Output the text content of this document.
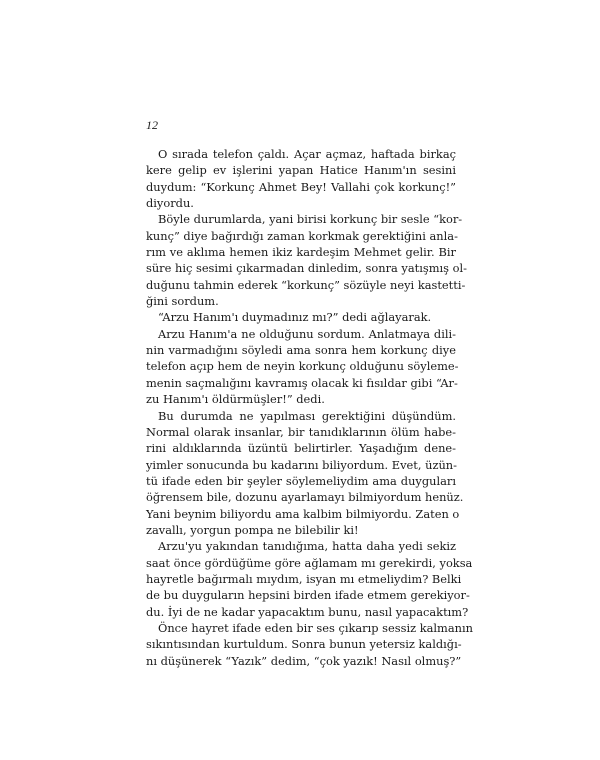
12
O sırada telefon çaldı. Açar açmaz, haftada birkaç
kere gelip ev işlerini yapan Hatice Hanım'ın sesini
duydum: “Korkunç Ahmet Bey! Vallahi çok korkunç!”
diyordu.
Böyle durumlarda, yani birisi korkunç bir sesle “kor-
kunç” diye bağırdığı zaman korkmak gerektiğini anla-
rım ve aklıma hemen ikiz kardeşim Mehmet gelir. Bir
süre hiç sesimi çıkarmadan dinledim, sonra yatışmış ol-
duğunu tahmin ederek “korkunç” sözüyle neyi kastetti-
ğini sordum.
“Arzu Hanım'ı duymadınız mı?” dedi ağlayarak.
Arzu Hanım'a ne olduğunu sordum. Anlatmaya dili-
nin varmadığını söyledi ama sonra hem korkunç diye
telefon açıp hem de neyin korkunç olduğunu söyleme-
menin saçmalığını kavramış olacak ki fısıldar gibi “Ar-
zu Hanım'ı öldürmüşler!” dedi.
Bu durumda ne yapılması gerektiğini düşündüm.
Normal olarak insanlar, bir tanıdıklarının ölüm habe-
rini aldıklarında üzüntü belirtirler. Yaşadığım dene-
yimler sonucunda bu kadarını biliyordum. Evet, üzün-
tü ifade eden bir şeyler söylemeliydim ama duyguları
öğrensem bile, dozunu ayarlamayı bilmiyordum henüz.
Yani beynim biliyordu ama kalbim bilmiyordu. Zaten o
zavallı, yorgun pompa ne bilebilir ki!
Arzu'yu yakından tanıdığıma, hatta daha yedi sekiz
saat önce gördüğüme göre ağlamam mı gerekirdi, yoksa
hayretle bağırmalı mıydım, isyan mı etmeliydim? Belki
de bu duyguların hepsini birden ifade etmem gerekiyor-
du. İyi de ne kadar yapacaktım bunu, nasıl yapacaktım?
Önce hayret ifade eden bir ses çıkarıp sessiz kalmanın
sıkıntısından kurtuldum. Sonra bunun yetersiz kaldığı-
nı düşünerek “Yazık” dedim, “çok yazık! Nasıl olmuş?”
